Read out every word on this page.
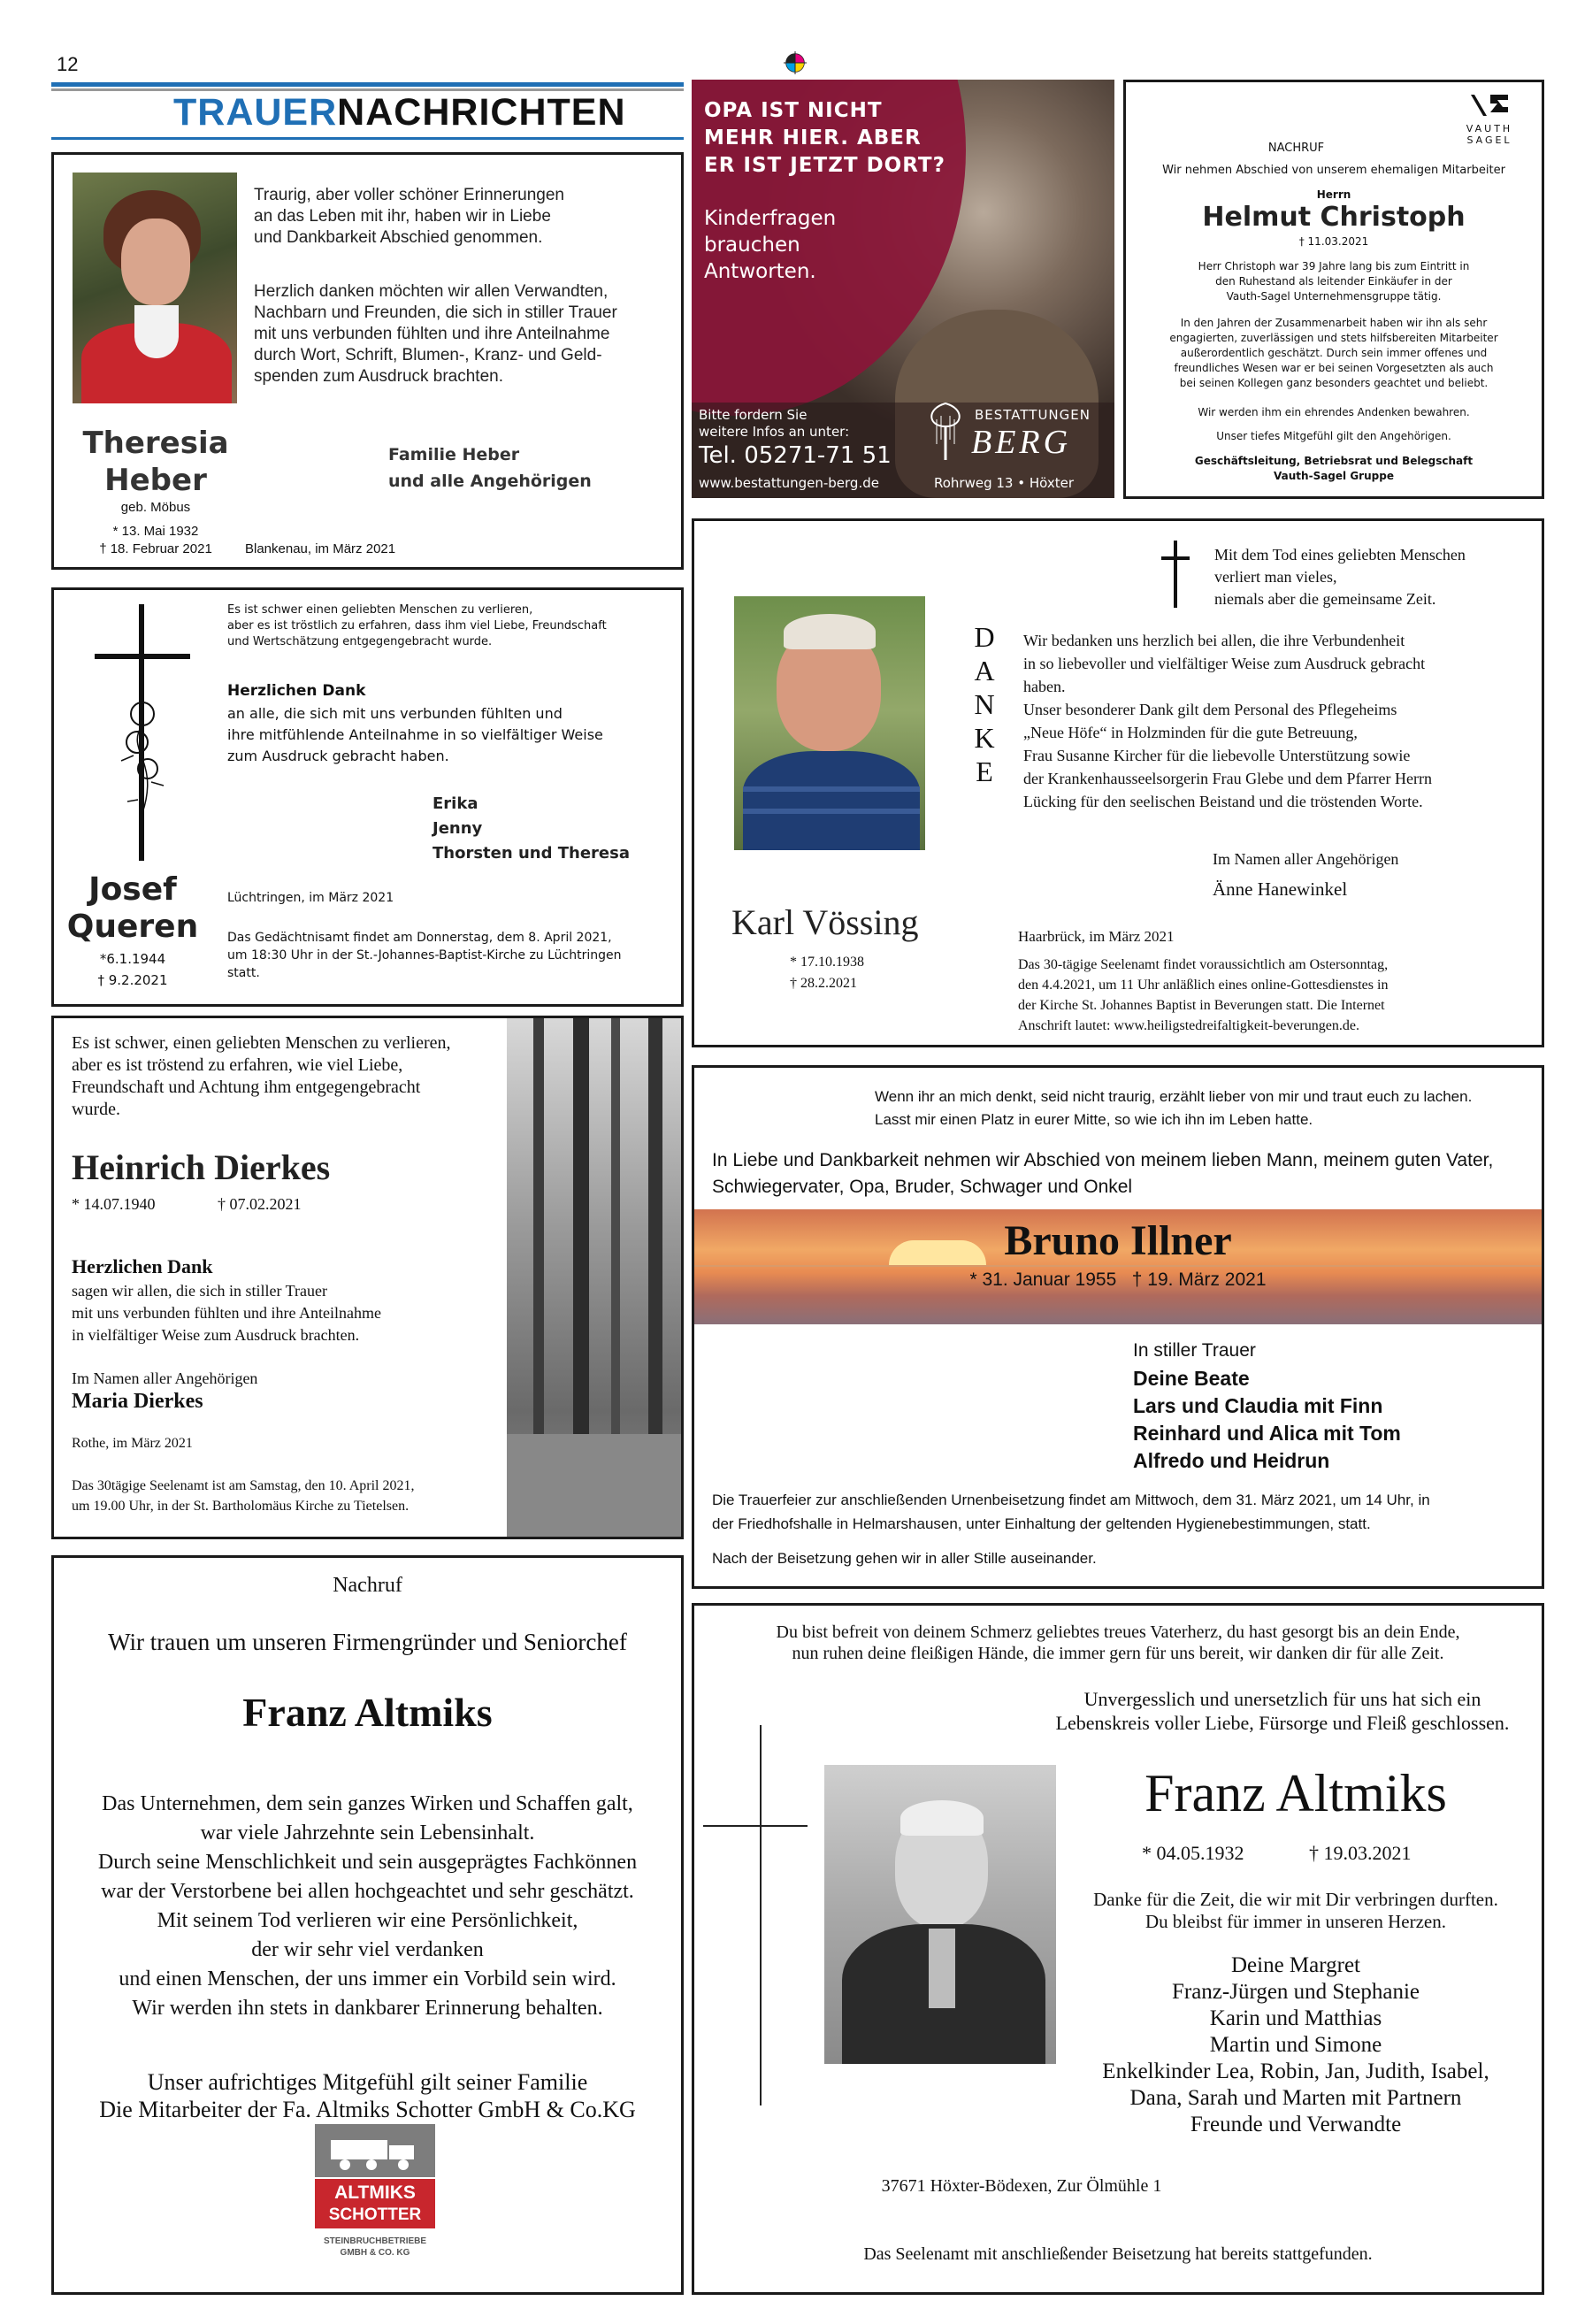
12
TRAUERNACHRICHTEN
Traurig, aber voller schöner Erinnerungen
an das Leben mit ihr, haben wir in Liebe
und Dankbarkeit Abschied genommen.
Herzlich danken möchten wir allen Verwandten,
Nachbarn und Freunden, die sich in stiller Trauer
mit uns verbunden fühlten und ihre Anteilnahme
durch Wort, Schrift, Blumen-, Kranz- und Geld-
spenden zum Ausdruck brachten.
Theresia
Heber
geb. Möbus
* 13. Mai 1932
† 18. Februar 2021	Blankenau, im März 2021
Familie Heber
und alle Angehörigen
OPA IST NICHT
MEHR HIER. ABER
ER IST JETZT DORT?
Kinderfragen
brauchen
Antworten.
Bitte fordern Sie
weitere Infos an unter:
Tel. 05271-71 51
www.bestattungen-berg.de
BESTATTUNGEN
BERG
Rohrweg 13 • Höxter
VAUTH
SAGEL
NACHRUF
Wir nehmen Abschied von unserem ehemaligen Mitarbeiter
Herrn
Helmut Christoph
† 11.03.2021
Herr Christoph war 39 Jahre lang bis zum Eintritt in
den Ruhestand als leitender Einkäufer in der
Vauth-Sagel Unternehmensgruppe tätig.
In den Jahren der Zusammenarbeit haben wir ihn als sehr
engagierten, zuverlässigen und stets hilfsbereiten Mitarbeiter
außerordentlich geschätzt. Durch sein immer offenes und
freundliches Wesen war er bei seinen Vorgesetzten als auch
bei seinen Kollegen ganz besonders geachtet und beliebt.
Wir werden ihm ein ehrendes Andenken bewahren.
Unser tiefes Mitgefühl gilt den Angehörigen.
Geschäftsleitung, Betriebsrat und Belegschaft
Vauth-Sagel Gruppe
Josef
Queren
*6.1.1944
† 9.2.2021
Es ist schwer einen geliebten Menschen zu verlieren,
aber es ist tröstlich zu erfahren, dass ihm viel Liebe, Freundschaft
und Wertschätzung entgegengebracht wurde.
Herzlichen Dank
an alle, die sich mit uns verbunden fühlten und
ihre mitfühlende Anteilnahme in so vielfältiger Weise
zum Ausdruck gebracht haben.
Erika
Jenny
Thorsten und Theresa
Lüchtringen, im März 2021
Das Gedächtnisamt findet am Donnerstag, dem 8. April 2021,
um 18:30 Uhr in der St.-Johannes-Baptist-Kirche zu Lüchtringen
statt.
Mit dem Tod eines geliebten Menschen
verliert man vieles,
niemals aber die gemeinsame Zeit.
Karl Vössing
* 17.10.1938
† 28.2.2021
D
A
N
K
E
Wir bedanken uns herzlich bei allen, die ihre Verbundenheit
in so liebevoller und vielfältiger Weise zum Ausdruck gebracht
haben.
Unser besonderer Dank gilt dem Personal des Pflegeheims
„Neue Höfe“ in Holzminden für die gute Betreuung,
Frau Susanne Kircher für die liebevolle Unterstützung sowie
der Krankenhausseelsorgerin Frau Glebe und dem Pfarrer Herrn
Lücking für den seelischen Beistand und die tröstenden Worte.
Im Namen aller Angehörigen
Änne Hanewinkel
Haarbrück, im März 2021
Das 30-tägige Seelenamt findet voraussichtlich am Ostersonntag,
den 4.4.2021, um 11 Uhr anläßlich eines online-Gottesdienstes in
der Kirche St. Johannes Baptist in Beverungen statt. Die Internet
Anschrift lautet: www.heiligstedreifaltigkeit-beverungen.de.
Es ist schwer, einen geliebten Menschen zu verlieren,
aber es ist tröstend zu erfahren, wie viel Liebe,
Freundschaft und Achtung ihm entgegengebracht
wurde.
Heinrich Dierkes
* 14.07.1940	† 07.02.2021
Herzlichen Dank
sagen wir allen, die sich in stiller Trauer
mit uns verbunden fühlten und ihre Anteilnahme
in vielfältiger Weise zum Ausdruck brachten.
Im Namen aller Angehörigen
Maria Dierkes
Rothe, im März 2021
Das 30tägige Seelenamt ist am Samstag, den 10. April 2021,
um 19.00 Uhr, in der St. Bartholomäus Kirche zu Tietelsen.
Wenn ihr an mich denkt, seid nicht traurig, erzählt lieber von mir und traut euch zu lachen.
Lasst mir einen Platz in eurer Mitte, so wie ich ihn im Leben hatte.
In Liebe und Dankbarkeit nehmen wir Abschied von meinem lieben Mann, meinem guten Vater,
Schwiegervater, Opa, Bruder, Schwager und Onkel
Bruno Illner
* 31. Januar 1955   † 19. März 2021
In stiller Trauer
Deine Beate
Lars und Claudia mit Finn
Reinhard und Alica mit Tom
Alfredo und Heidrun
Die Trauerfeier zur anschließenden Urnenbeisetzung findet am Mittwoch, dem 31. März 2021, um 14 Uhr, in
der Friedhofshalle in Helmarshausen, unter Einhaltung der geltenden Hygienebestimmungen, statt.
Nach der Beisetzung gehen wir in aller Stille auseinander.
Nachruf
Wir trauen um unseren Firmengründer und Seniorchef
Franz Altmiks
Das Unternehmen, dem sein ganzes Wirken und Schaffen galt,
war viele Jahrzehnte sein Lebensinhalt.
Durch seine Menschlichkeit und sein ausgeprägtes Fachkönnen
war der Verstorbene bei allen hochgeachtet und sehr geschätzt.
Mit seinem Tod verlieren wir eine Persönlichkeit,
der wir sehr viel verdanken
und einen Menschen, der uns immer ein Vorbild sein wird.
Wir werden ihn stets in dankbarer Erinnerung behalten.
Unser aufrichtiges Mitgefühl gilt seiner Familie
Die Mitarbeiter der Fa. Altmiks Schotter GmbH & Co.KG
ALTMIKS
SCHOTTER
STEINBRUCHBETRIEBE
GMBH & CO. KG
Du bist befreit von deinem Schmerz geliebtes treues Vaterherz, du hast gesorgt bis an dein Ende,
nun ruhen deine fleißigen Hände, die immer gern für uns bereit, wir danken dir für alle Zeit.
Unvergesslich und unersetzlich für uns hat sich ein
Lebenskreis voller Liebe, Fürsorge und Fleiß geschlossen.
Franz Altmiks
* 04.05.1932	† 19.03.2021
Danke für die Zeit, die wir mit Dir verbringen durften.
Du bleibst für immer in unseren Herzen.
Deine Margret
Franz-Jürgen und Stephanie
Karin und Matthias
Martin und Simone
Enkelkinder Lea, Robin, Jan, Judith, Isabel,
Dana, Sarah und Marten mit Partnern
Freunde und Verwandte
37671 Höxter-Bödexen, Zur Ölmühle 1
Das Seelenamt mit anschließender Beisetzung hat bereits stattgefunden.
